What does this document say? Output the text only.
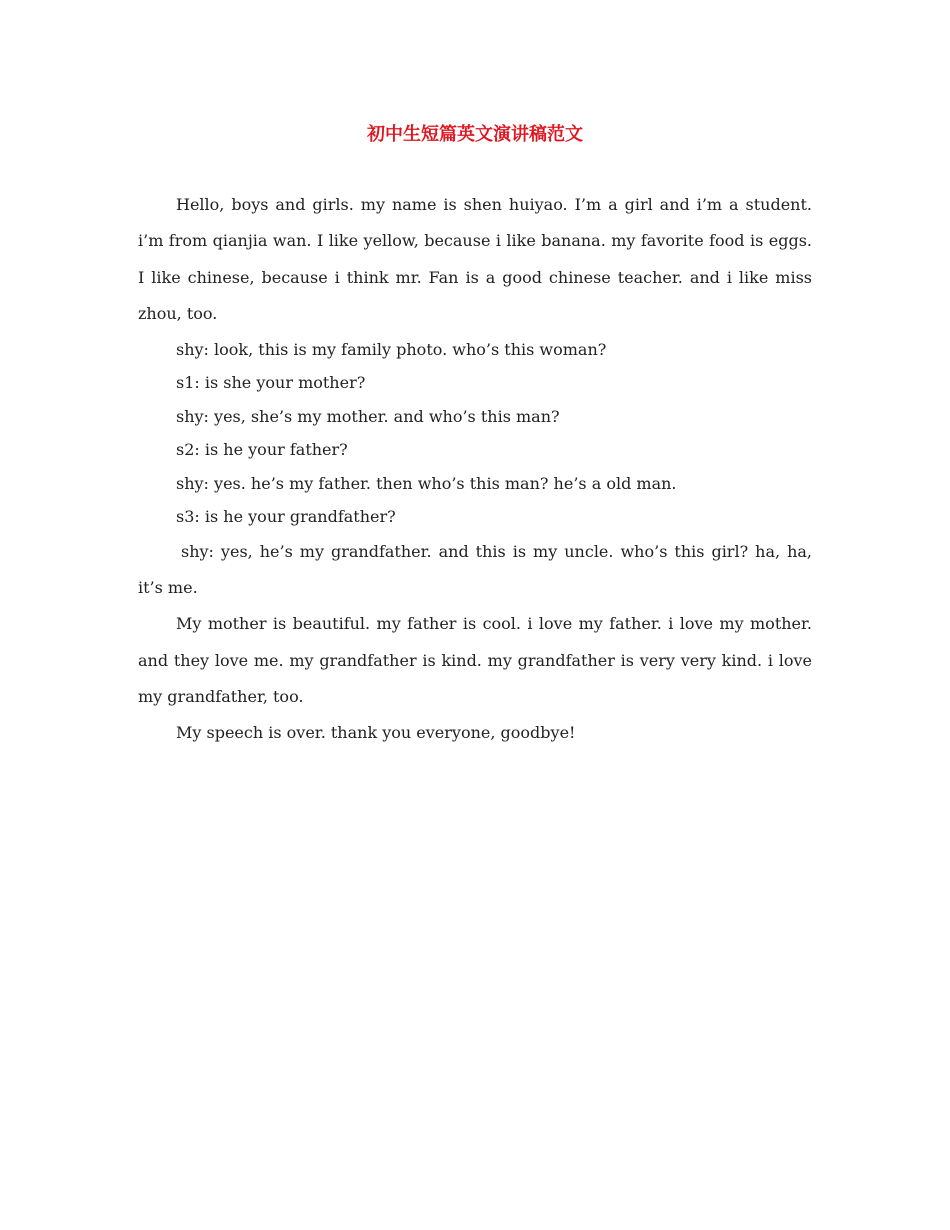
初中生短篇英文演讲稿范文

Hello, boys and girls. my name is shen huiyao. I’m a girl and i’m a student. i’m from qianjia wan. I like yellow, because i like banana. my favorite food is eggs. I like chinese, because i think mr. Fan is a good chinese teacher. and i like miss zhou, too.

shy: look, this is my family photo. who’s this woman?

s1: is she your mother?

shy: yes, she’s my mother. and who’s this man?

s2: is he your father?

shy: yes. he’s my father. then who’s this man? he’s a old man.

s3: is he your grandfather?

shy: yes, he’s my grandfather. and this is my uncle. who’s this girl? ha, ha, it’s me.

My mother is beautiful. my father is cool. i love my father. i love my mother. and they love me. my grandfather is kind. my grandfather is very very kind. i love my grandfather, too.

My speech is over. thank you everyone, goodbye!
